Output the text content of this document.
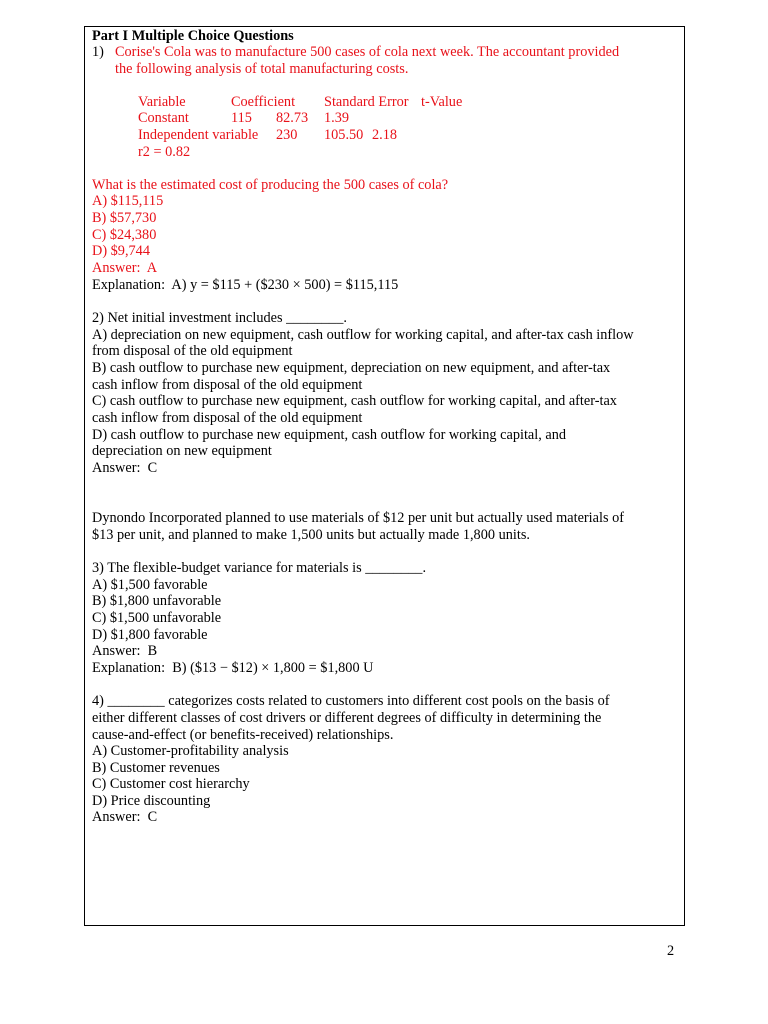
Part I Multiple Choice Questions
1) Corise's Cola was to manufacture 500 cases of cola next week. The accountant provided
the following analysis of total manufacturing costs.
Variable	Coefficient Standard Error t-Value
Constant	115 82.73 1.39
Independent variable 230 105.50 2.18
r2 = 0.82
What is the estimated cost of producing the 500 cases of cola?
A) $115,115
B) $57,730
C) $24,380
D) $9,744
Answer:  A
Explanation:  A) y = $115 + ($230 × 500) = $115,115
2) Net initial investment includes ________.
A) depreciation on new equipment, cash outflow for working capital, and after-tax cash inflow
from disposal of the old equipment
B) cash outflow to purchase new equipment, depreciation on new equipment, and after-tax
cash inflow from disposal of the old equipment
C) cash outflow to purchase new equipment, cash outflow for working capital, and after-tax
cash inflow from disposal of the old equipment
D) cash outflow to purchase new equipment, cash outflow for working capital, and
depreciation on new equipment
Answer:  C
Dynondo Incorporated planned to use materials of $12 per unit but actually used materials of
$13 per unit, and planned to make 1,500 units but actually made 1,800 units.
3) The flexible-budget variance for materials is ________.
A) $1,500 favorable
B) $1,800 unfavorable
C) $1,500 unfavorable
D) $1,800 favorable
Answer:  B
Explanation:  B) ($13 − $12) × 1,800 = $1,800 U
4) ________ categorizes costs related to customers into different cost pools on the basis of
either different classes of cost drivers or different degrees of difficulty in determining the
cause-and-effect (or benefits-received) relationships.
A) Customer-profitability analysis
B) Customer revenues
C) Customer cost hierarchy
D) Price discounting
Answer:  C
2
